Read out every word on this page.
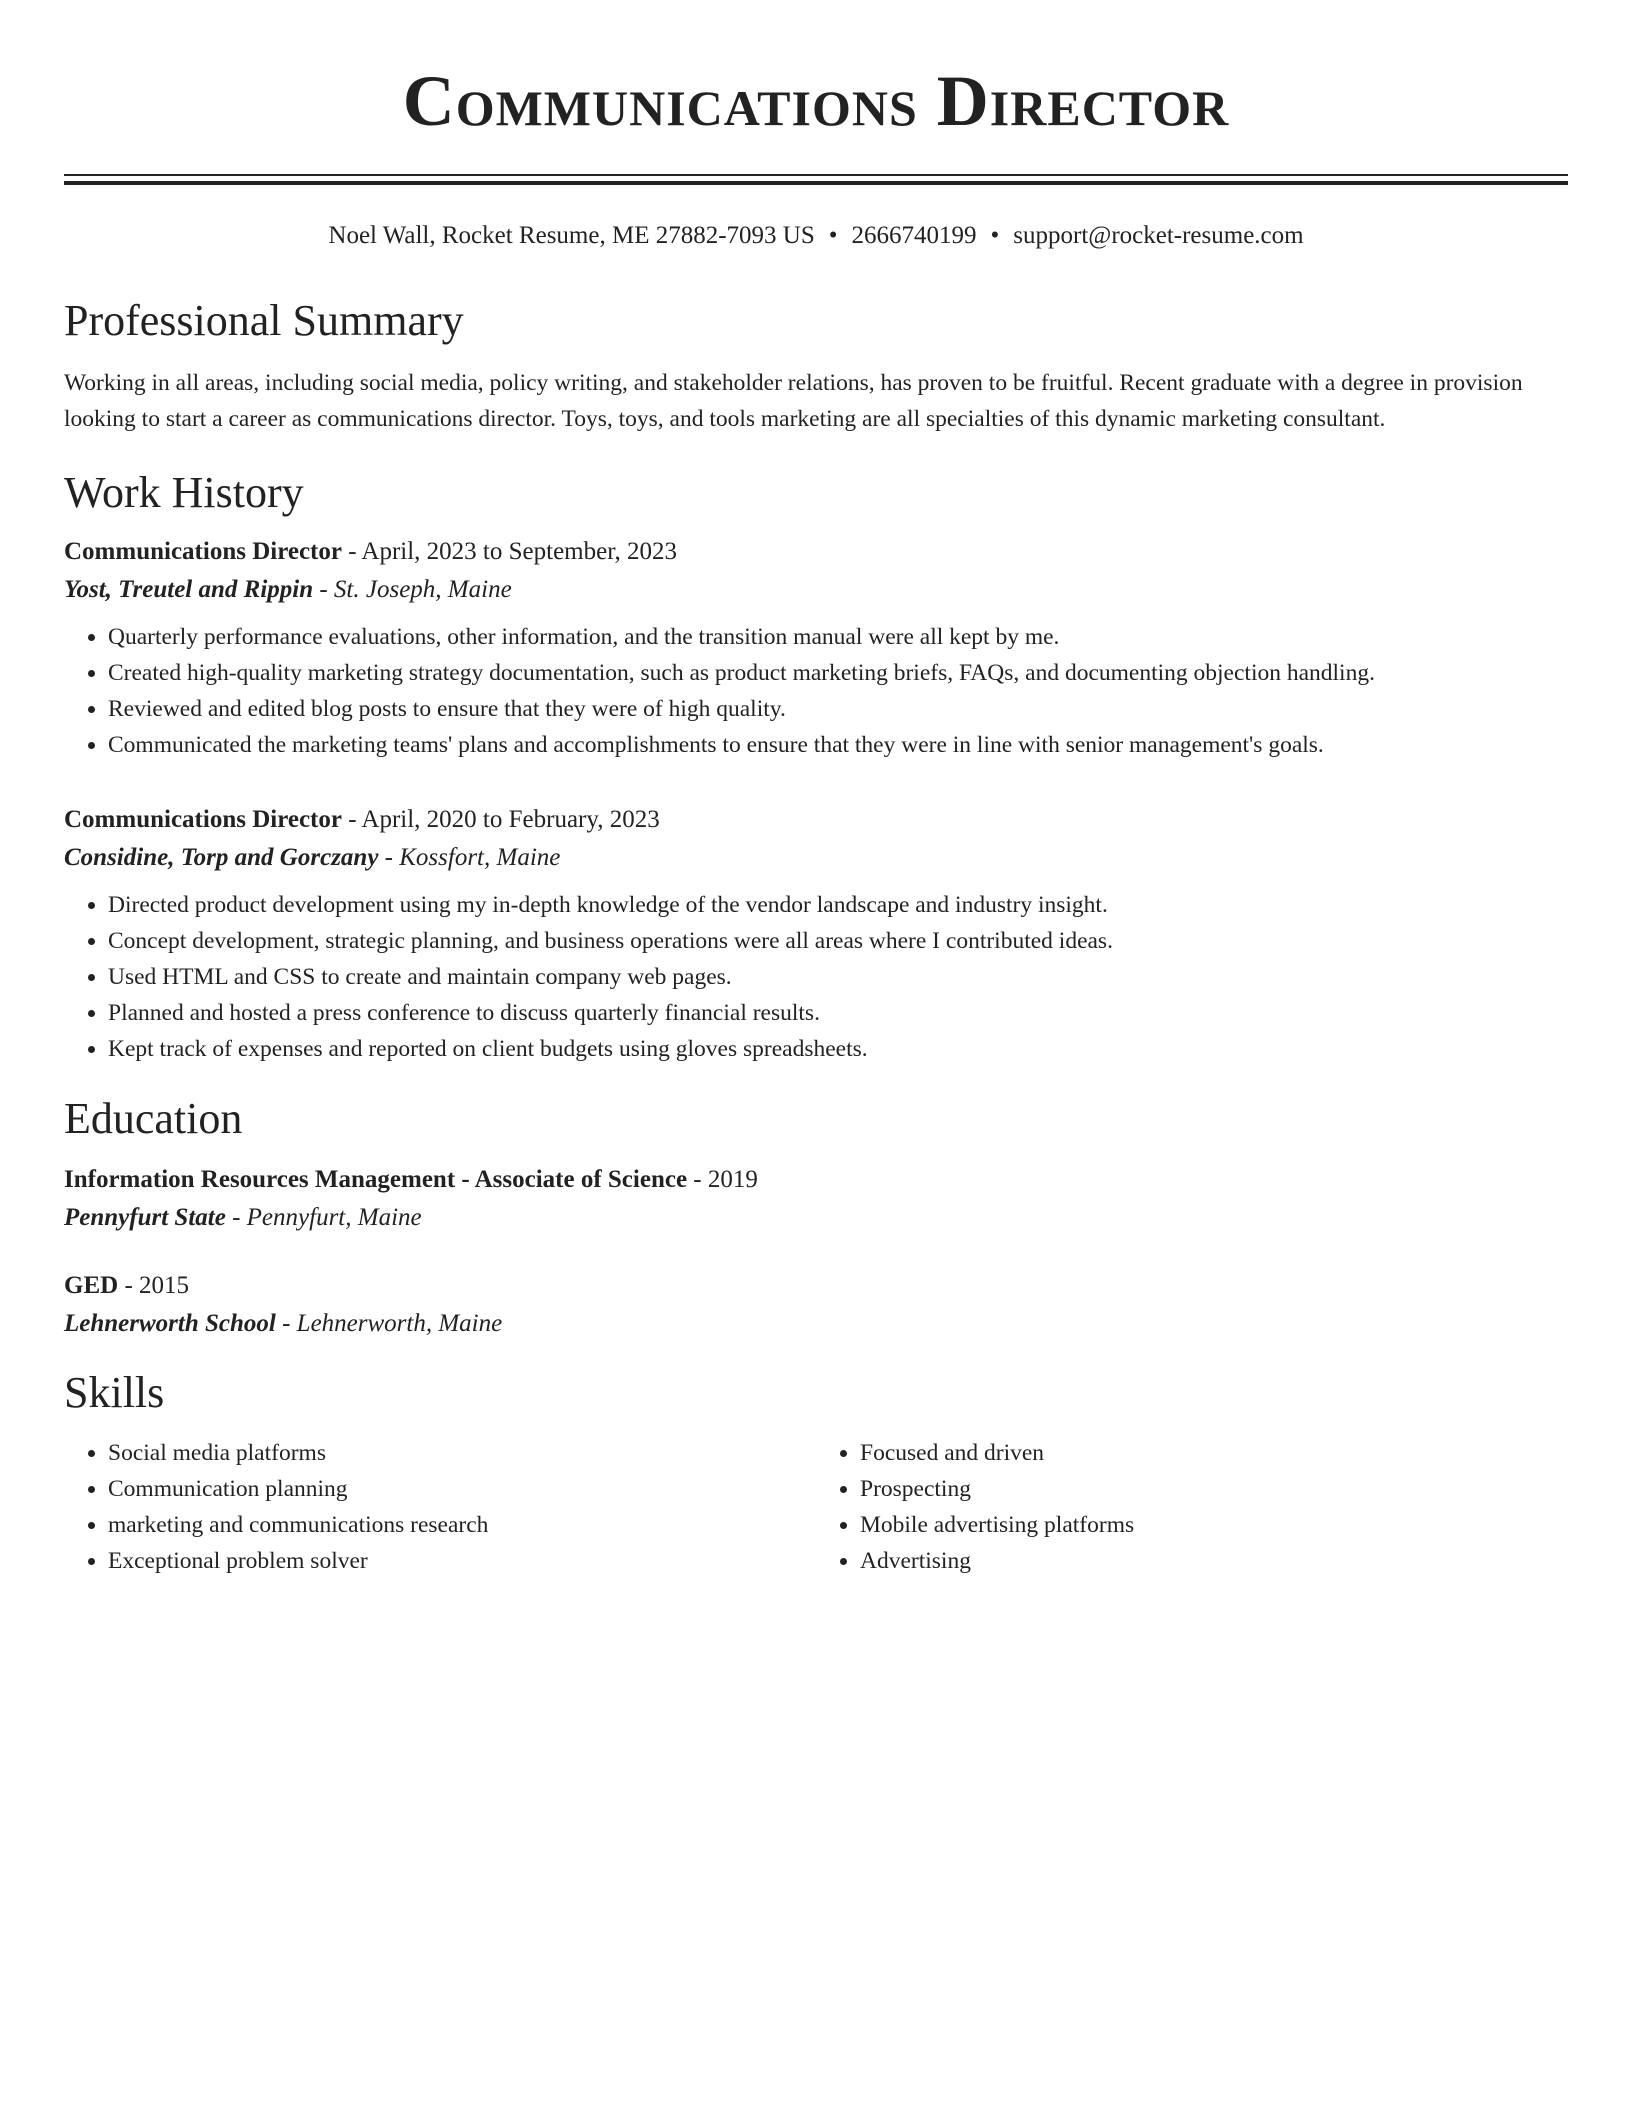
Communications Director
Noel Wall, Rocket Resume, ME 27882-7093 US • 2666740199 • support@rocket-resume.com
Professional Summary

Working in all areas, including social media, policy writing, and stakeholder relations, has proven to be fruitful. Recent graduate with a degree in provision looking to start a career as communications director. Toys, toys, and tools marketing are all specialties of this dynamic marketing consultant.

Work History
Communications Director - April, 2023 to September, 2023
Yost, Treutel and Rippin - St. Joseph, Maine
• Quarterly performance evaluations, other information, and the transition manual were all kept by me.
• Created high-quality marketing strategy documentation, such as product marketing briefs, FAQs, and documenting objection handling.
• Reviewed and edited blog posts to ensure that they were of high quality.
• Communicated the marketing teams' plans and accomplishments to ensure that they were in line with senior management's goals.
Communications Director - April, 2020 to February, 2023
Considine, Torp and Gorczany - Kossfort, Maine
• Directed product development using my in-depth knowledge of the vendor landscape and industry insight.
• Concept development, strategic planning, and business operations were all areas where I contributed ideas.
• Used HTML and CSS to create and maintain company web pages.
• Planned and hosted a press conference to discuss quarterly financial results.
• Kept track of expenses and reported on client budgets using gloves spreadsheets.
Education
Information Resources Management - Associate of Science - 2019
Pennyfurt State - Pennyfurt, Maine
GED - 2015
Lehnerworth School - Lehnerworth, Maine
Skills
• Social media platforms
• Communication planning
• marketing and communications research
• Exceptional problem solver
• Focused and driven
• Prospecting
• Mobile advertising platforms
• Advertising
